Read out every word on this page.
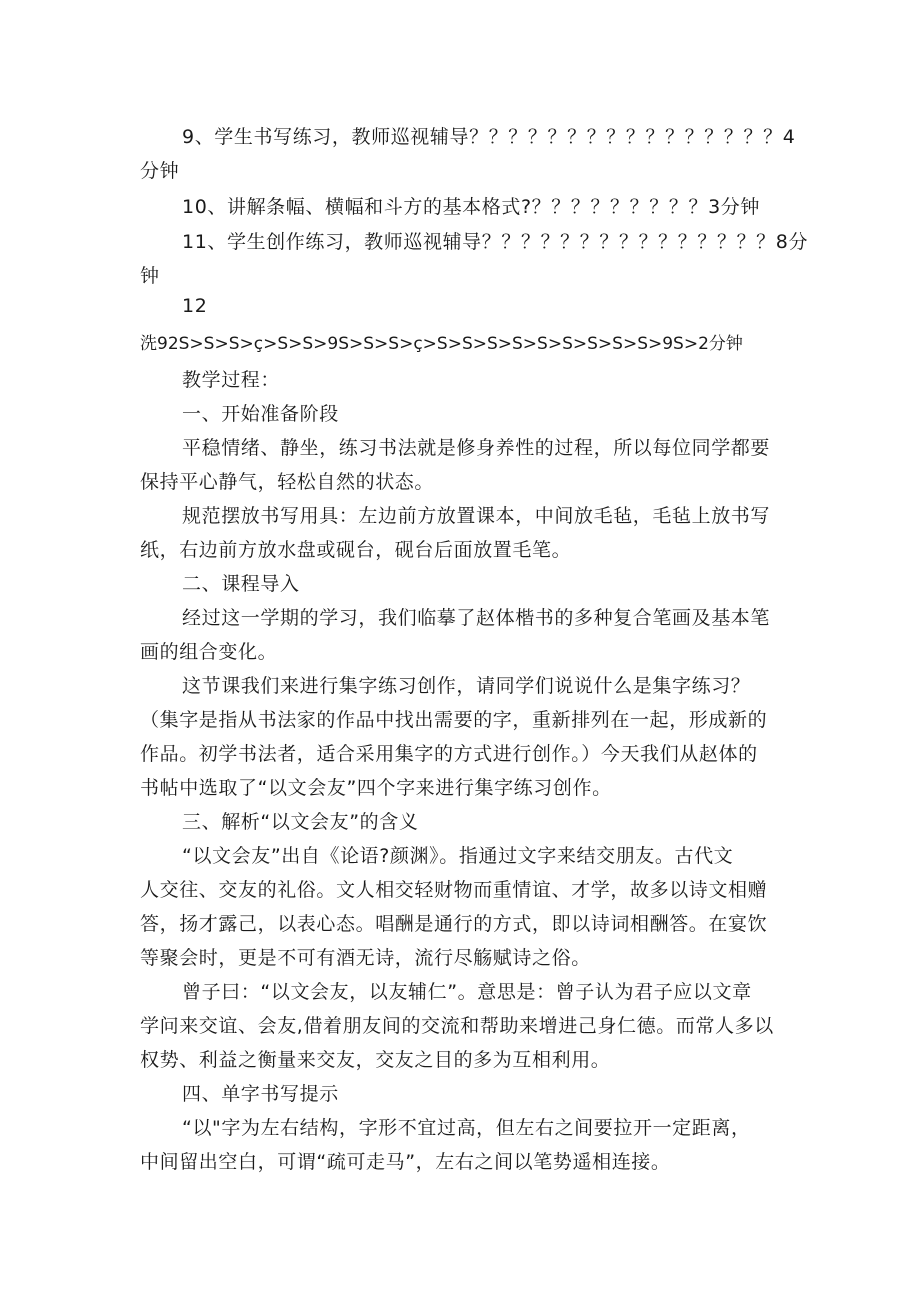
9、学生书写练习，教师巡视辅导？？？？？？？？？？？？？？？？4
分钟
10、讲解条幅、横幅和斗方的基本格式?？？？？？？？？？3分钟
11、学生创作练习，教师巡视辅导？？？？？？？？？？？？？？？8分
钟
12
洗92S>S>S>ç>S>S>9S>S>S>ç>S>S>S>S>S>S>S>S>S>9S>2分钟
教学过程：
一、开始准备阶段
平稳情绪、静坐，练习书法就是修身养性的过程，所以每位同学都要
保持平心静气，轻松自然的状态。
规范摆放书写用具：左边前方放置课本，中间放毛毡，毛毡上放书写
纸，右边前方放水盘或砚台，砚台后面放置毛笔。
二、课程导入
经过这一学期的学习，我们临摹了赵体楷书的多种复合笔画及基本笔
画的组合变化。
这节课我们来进行集字练习创作，请同学们说说什么是集字练习？
（集字是指从书法家的作品中找出需要的字，重新排列在一起，形成新的
作品。初学书法者，适合采用集字的方式进行创作。）今天我们从赵体的
书帖中选取了“以文会友”四个字来进行集字练习创作。
三、解析“以文会友”的含义
“以文会友”出自《论语?颜渊》。指通过文字来结交朋友。古代文
人交往、交友的礼俗。文人相交轻财物而重情谊、才学，故多以诗文相赠
答，扬才露己，以表心态。唱酬是通行的方式，即以诗词相酬答。在宴饮
等聚会时，更是不可有酒无诗，流行尽觞赋诗之俗。
曾子曰：“以文会友，以友辅仁”。意思是：曾子认为君子应以文章
学问来交谊、会友,借着朋友间的交流和帮助来增进己身仁德。而常人多以
权势、利益之衡量来交友，交友之目的多为互相利用。
四、单字书写提示
“以"字为左右结构，字形不宜过高，但左右之间要拉开一定距离，
中间留出空白，可谓“疏可走马”，左右之间以笔势遥相连接。
